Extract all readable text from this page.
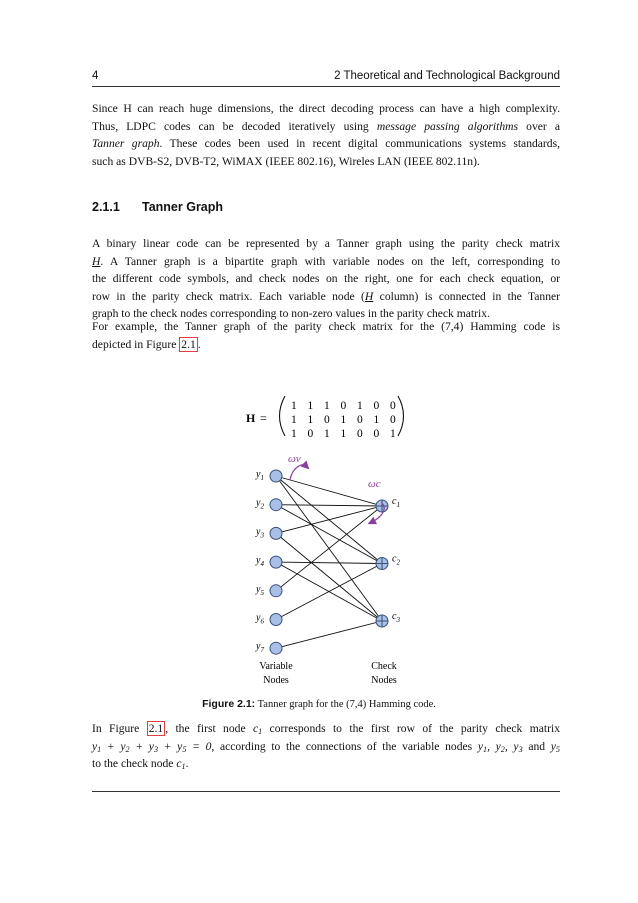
4	2 Theoretical and Technological Background
Since H can reach huge dimensions, the direct decoding process can have a high complexity.
Thus, LDPC codes can be decoded iteratively using message passing algorithms over a
Tanner graph. These codes been used in recent digital communications systems standards,
such as DVB-S2, DVB-T2, WiMAX (IEEE 802.16), Wireles LAN (IEEE 802.11n).
2.1.1 Tanner Graph
A binary linear code can be represented by a Tanner graph using the parity check matrix
H. A Tanner graph is a bipartite graph with variable nodes on the left, corresponding to
the different code symbols, and check nodes on the right, one for each check equation, or
row in the parity check matrix. Each variable node (H column) is connected in the Tanner
graph to the check nodes corresponding to non-zero values in the parity check matrix.
For example, the Tanner graph of the parity check matrix for the (7,4) Hamming code is
depicted in Figure 2.1 .
H =
1 1 1 0 1 0 0
1 1 0 1 0 1 0
1 0 1 1 0 0 1
$y_1$
$y_2$
$y_3$
$y_4$
$y_5$
$y_6$
$y_7$
$c_1$
$c_2$
$c_3$
ωv
ωc
Variable
Nodes
Check
Nodes
Figure 2.1: Tanner graph for the (7,4) Hamming code.
In Figure 2.1 , the first node $c_1$ corresponds to the first row of the parity check matrix
$y_1 + y_2 + y_3 + y_5 = 0$, according to the connections of the variable nodes $y_1$, $y_2$, $y_3$ and $y_5$
to the check node $c_1$.
